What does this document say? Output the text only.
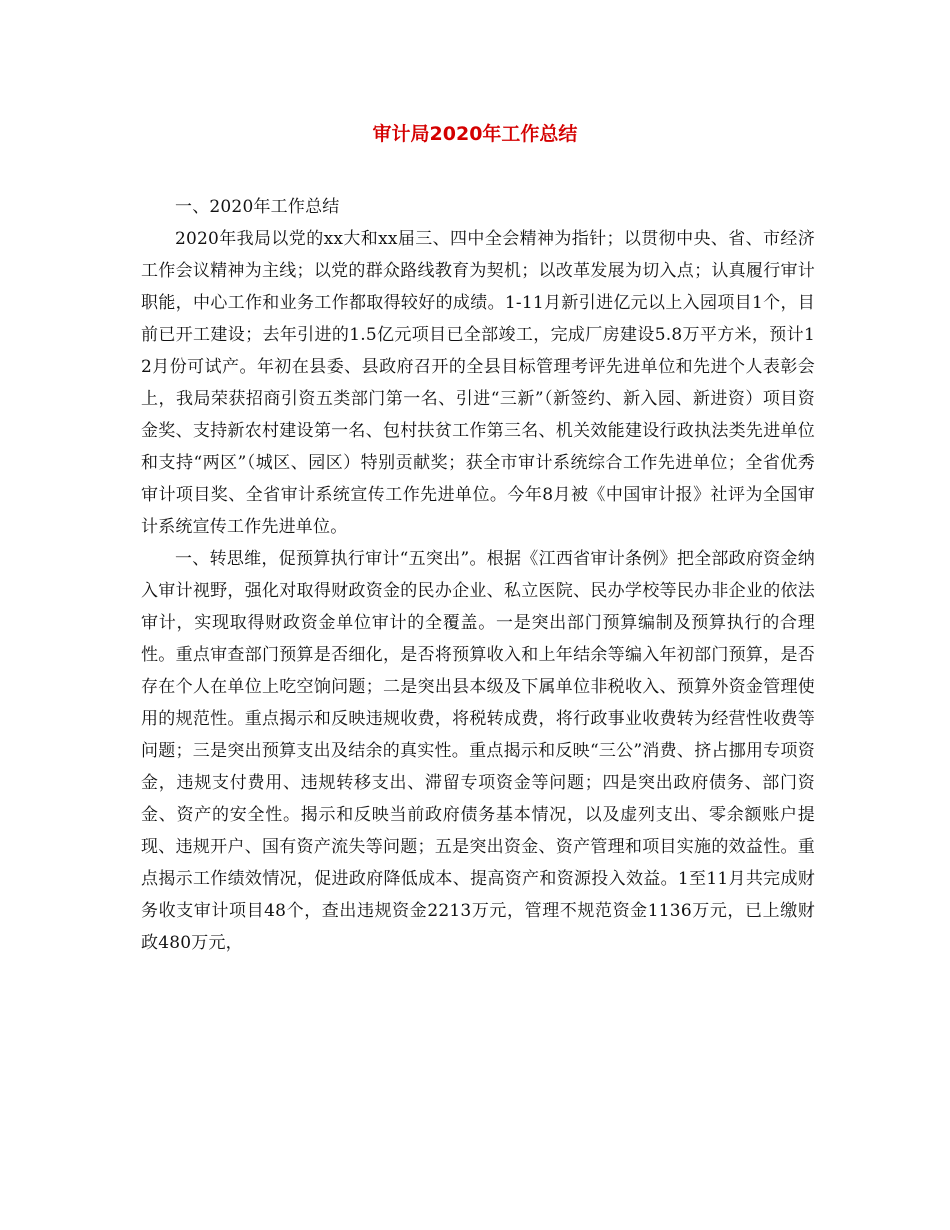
审计局2020年工作总结

一、2020年工作总结

2020年我局以党的xx大和xx届三、四中全会精神为指针；以贯彻中央、省、市经济工作会议精神为主线；以党的群众路线教育为契机；以改革发展为切入点；认真履行审计职能，中心工作和业务工作都取得较好的成绩。1-11月新引进亿元以上入园项目1个，目前已开工建设；去年引进的1.5亿元项目已全部竣工，完成厂房建设5.8万平方米，预计12月份可试产。年初在县委、县政府召开的全县目标管理考评先进单位和先进个人表彰会上，我局荣获招商引资五类部门第一名、引进“三新”（新签约、新入园、新进资）项目资金奖、支持新农村建设第一名、包村扶贫工作第三名、机关效能建设行政执法类先进单位和支持“两区”（城区、园区）特别贡献奖；获全市审计系统综合工作先进单位；全省优秀审计项目奖、全省审计系统宣传工作先进单位。今年8月被《中国审计报》社评为全国审计系统宣传工作先进单位。

一、转思维，促预算执行审计“五突出”。根据《江西省审计条例》把全部政府资金纳入审计视野，强化对取得财政资金的民办企业、私立医院、民办学校等民办非企业的依法审计，实现取得财政资金单位审计的全覆盖。一是突出部门预算编制及预算执行的合理性。重点审查部门预算是否细化，是否将预算收入和上年结余等编入年初部门预算，是否存在个人在单位上吃空饷问题；二是突出县本级及下属单位非税收入、预算外资金管理使用的规范性。重点揭示和反映违规收费，将税转成费，将行政事业收费转为经营性收费等问题；三是突出预算支出及结余的真实性。重点揭示和反映“三公”消费、挤占挪用专项资金，违规支付费用、违规转移支出、滞留专项资金等问题；四是突出政府债务、部门资金、资产的安全性。揭示和反映当前政府债务基本情况，以及虚列支出、零余额账户提现、违规开户、国有资产流失等问题；五是突出资金、资产管理和项目实施的效益性。重点揭示工作绩效情况，促进政府降低成本、提高资产和资源投入效益。1至11月共完成财务收支审计项目48个，查出违规资金2213万元，管理不规范资金1136万元，已上缴财政480万元，
